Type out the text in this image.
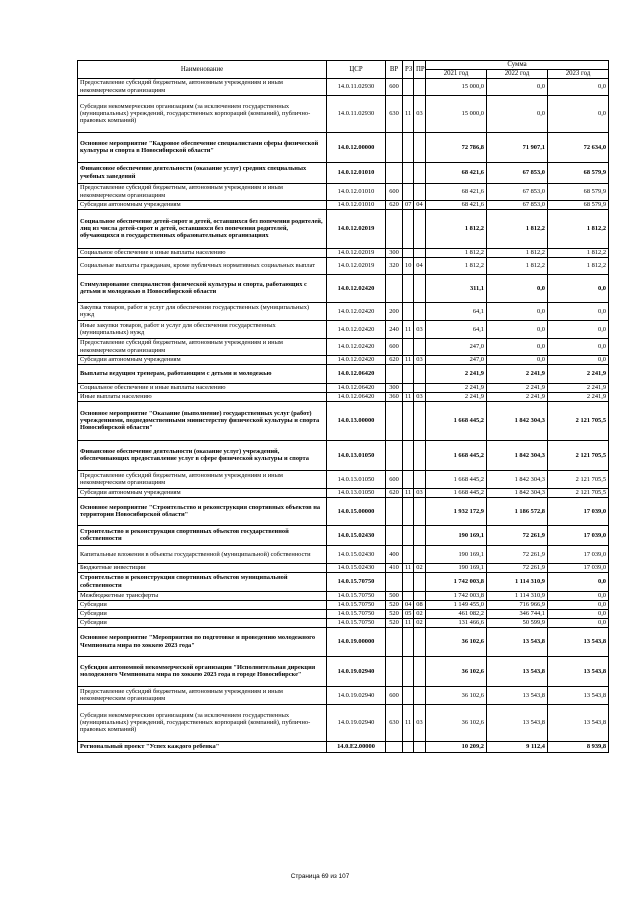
Наименование	ЦСР	ВР	РЗ	ПР	Сумма		
					2021 год	2022 год	2023 год
Предоставление субсидий бюджетным, автономным учреждениям и иным некоммерческим организациям	14.0.11.02930	600			15 000,0	0,0	0,0
Субсидии некоммерческим организациям (за исключением государственных (муниципальных) учреждений, государственных корпораций (компаний), публично-правовых компаний)	14.0.11.02930	630	11	03	15 000,0	0,0	0,0
Основное мероприятие "Кадровое обеспечение специалистами сферы физической культуры и спорта в Новосибирской области"	14.0.12.00000				72 786,8	71 907,1	72 634,0
Финансовое обеспечение деятельности (оказание услуг) средних специальных учебных заведений	14.0.12.01010				68 421,6	67 853,0	68 579,9
Предоставление субсидий бюджетным, автономным учреждениям и иным некоммерческим организациям	14.0.12.01010	600			68 421,6	67 853,0	68 579,9
Субсидии автономным учреждениям	14.0.12.01010	620	07	04	68 421,6	67 853,0	68 579,9
Социальное обеспечение детей-сирот и детей, оставшихся без попечения родителей, лиц из числа детей-сирот и детей, оставшихся без попечения родителей, обучающихся в государственных образовательных организациях	14.0.12.02019				1 812,2	1 812,2	1 812,2
Социальное обеспечение и иные выплаты населению	14.0.12.02019	300			1 812,2	1 812,2	1 812,2
Социальные выплаты гражданам, кроме публичных нормативных социальных выплат	14.0.12.02019	320	10	04	1 812,2	1 812,2	1 812,2
Стимулирование специалистов физической культуры и спорта, работающих с детьми и молодежью в Новосибирской области	14.0.12.02420				311,1	0,0	0,0
Закупка товаров, работ и услуг для обеспечения государственных (муниципальных) нужд	14.0.12.02420	200			64,1	0,0	0,0
Иные закупки товаров, работ и услуг для обеспечения государственных (муниципальных) нужд	14.0.12.02420	240	11	03	64,1	0,0	0,0
Предоставление субсидий бюджетным, автономным учреждениям и иным некоммерческим организациям	14.0.12.02420	600			247,0	0,0	0,0
Субсидии автономным учреждениям	14.0.12.02420	620	11	03	247,0	0,0	0,0
Выплаты ведущим тренерам, работающим с детьми и молодежью	14.0.12.06420				2 241,9	2 241,9	2 241,9
Социальное обеспечение и иные выплаты населению	14.0.12.06420	300			2 241,9	2 241,9	2 241,9
Иные выплаты населению	14.0.12.06420	360	11	03	2 241,9	2 241,9	2 241,9
Основное мероприятие "Оказание (выполнение) государственных услуг (работ) учреждениями, подведомственными министерству физической культуры и спорта Новосибирской области"	14.0.13.00000				1 668 445,2	1 842 304,3	2 121 705,5
Финансовое обеспечение деятельности (оказание услуг) учреждений, обеспечивающих предоставление услуг в сфере физической культуры и спорта	14.0.13.01050				1 668 445,2	1 842 304,3	2 121 705,5
Предоставление субсидий бюджетным, автономным учреждениям и иным некоммерческим организациям	14.0.13.01050	600			1 668 445,2	1 842 304,3	2 121 705,5
Субсидии автономным учреждениям	14.0.13.01050	620	11	03	1 668 445,2	1 842 304,3	2 121 705,5
Основное мероприятие "Строительство и реконструкция спортивных объектов на территории Новосибирской области"	14.0.15.00000				1 932 172,9	1 186 572,8	17 039,0
Строительство и реконструкция спортивных объектов государственной собственности	14.0.15.02430				190 169,1	72 261,9	17 039,0
Капитальные вложения в объекты государственной (муниципальной) собственности	14.0.15.02430	400			190 169,1	72 261,9	17 039,0
Бюджетные инвестиции	14.0.15.02430	410	11	02	190 169,1	72 261,9	17 039,0
Строительство и реконструкция спортивных объектов муниципальной собственности	14.0.15.70750				1 742 003,8	1 114 310,9	0,0
Межбюджетные трансферты	14.0.15.70750	500			1 742 003,8	1 114 310,9	0,0
Субсидии	14.0.15.70750	520	04	08	1 149 455,0	716 966,9	0,0
Субсидии	14.0.15.70750	520	05	02	461 082,2	346 744,1	0,0
Субсидии	14.0.15.70750	520	11	02	131 466,6	50 599,9	0,0
Основное мероприятие "Мероприятия по подготовке и проведению молодежного Чемпионата мира по хоккею 2023 года"	14.0.19.00000				36 102,6	13 543,8	13 543,8
Субсидия автономной некоммерческой организации "Исполнительная дирекция молодежного Чемпионата мира по хоккею 2023 года в городе Новосибирске"	14.0.19.02940				36 102,6	13 543,8	13 543,8
Предоставление субсидий бюджетным, автономным учреждениям и иным некоммерческим организациям	14.0.19.02940	600			36 102,6	13 543,8	13 543,8
Субсидии некоммерческим организациям (за исключением государственных (муниципальных) учреждений, государственных корпораций (компаний), публично-правовых компаний)	14.0.19.02940	630	11	03	36 102,6	13 543,8	13 543,8
Региональный проект "Успех каждого ребенка"	14.0.E2.00000				10 209,2	9 112,4	8 939,8
Страница 69 из 107
